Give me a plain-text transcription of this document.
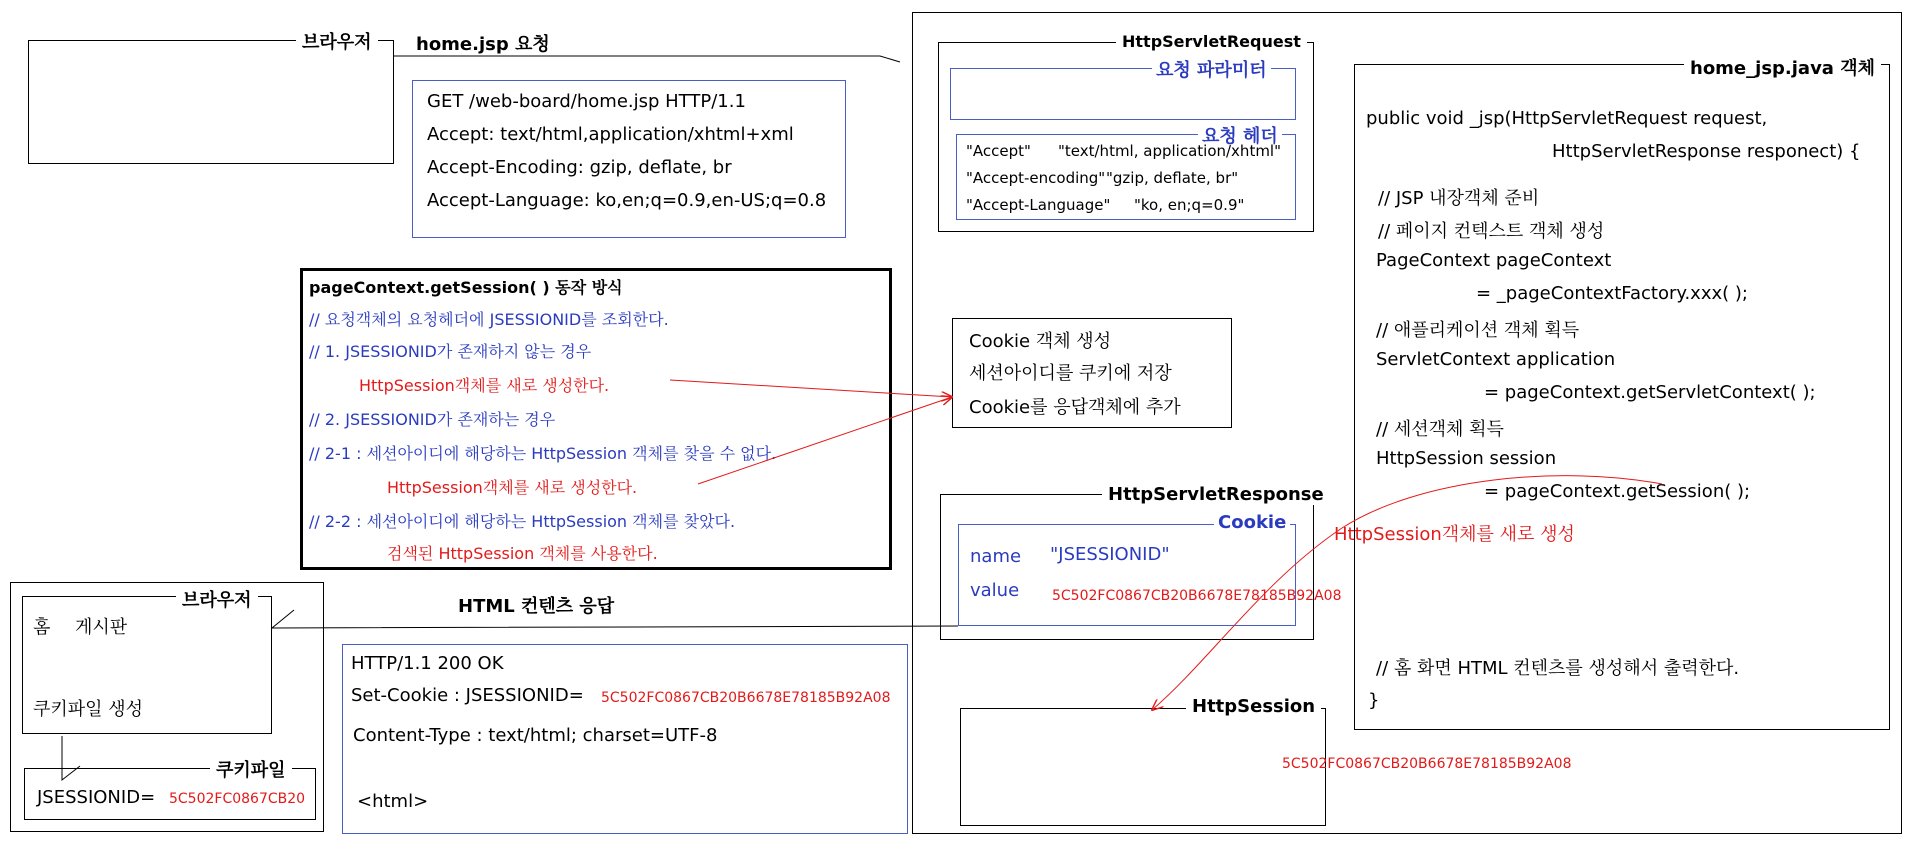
브라우저	home.jsp 요청
GET /web-board/home.jsp HTTP/1.1
Accept: text/html,application/xhtml+xml
Accept-Encoding: gzip, deflate, br
Accept-Language: ko,en;q=0.9,en-US;q=0.8
HttpServletRequest
요청 파라미터
요청 헤더
"Accept" "text/html, application/xhtml"
"Accept-encoding" "gzip, deflate, br"
"Accept-Language" "ko, en;q=0.9"
home_jsp.java 객체
public void _jsp(HttpServletRequest request,
HttpServletResponse responect) {
// JSP 내장객체 준비
// 페이지 컨텍스트 객체 생성
PageContext pageContext
= _pageContextFactory.xxx( );
// 애플리케이션 객체 획득
ServletContext application
= pageContext.getServletContext( );
// 세션객체 획득
HttpSession session
= pageContext.getSession( );
// 홈 화면 HTML 컨텐츠를 생성해서 출력한다.
}
pageContext.getSession( ) 동작 방식
// 요청객체의 요청헤더에 JSESSIONID를 조회한다.
// 1. JSESSIONID가 존재하지 않는 경우
HttpSession객체를 새로 생성한다.
// 2. JSESSIONID가 존재하는 경우
// 2-1 : 세션아이디에 해당하는 HttpSession 객체를 찾을 수 없다.
HttpSession객체를 새로 생성한다.
// 2-2 : 세션아이디에 해당하는 HttpSession 객체를 찾았다.
검색된 HttpSession 객체를 사용한다.
Cookie 객체 생성
세션아이디를 쿠키에 저장
Cookie를 응답객체에 추가
HttpServletResponse
Cookie
name "JSESSIONID"
value 5C502FC0867CB20B6678E78185B92A08
HttpSession객체를 새로 생성
HttpSession
5C502FC0867CB20B6678E78185B92A08
홈 게시판
쿠키파일 생성
브라우저
JSESSIONID= 5C502FC0867CB20
쿠키파일
HTML 컨텐츠 응답
HTTP/1.1 200 OK
Set-Cookie : JSESSIONID= 5C502FC0867CB20B6678E78185B92A08
Content-Type : text/html; charset=UTF-8
<html>
